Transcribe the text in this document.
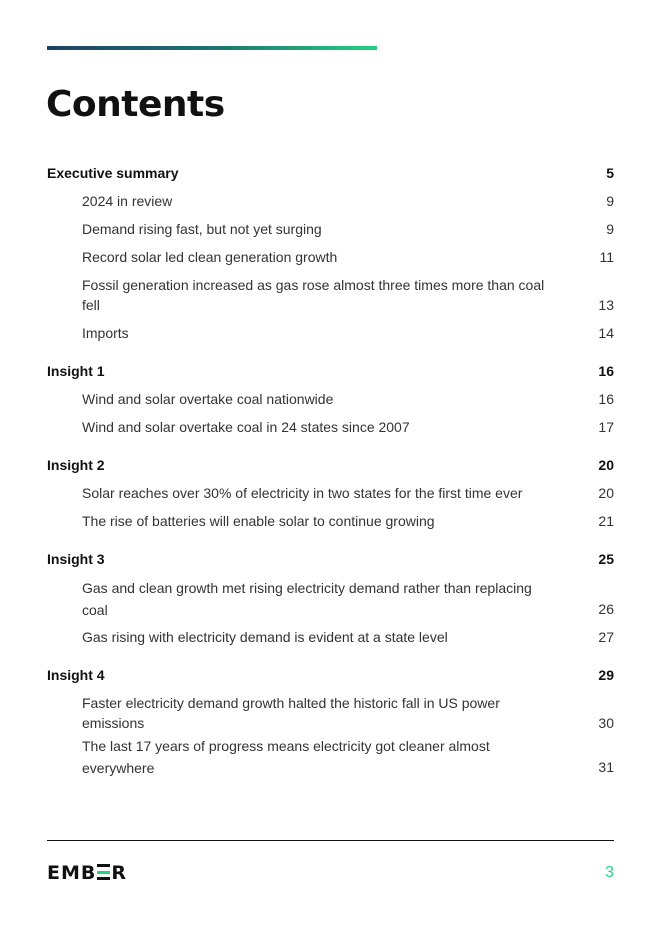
Contents
Executive summary	5
2024 in review	9
Demand rising fast, but not yet surging	9
Record solar led clean generation growth	11
Fossil generation increased as gas rose almost three times more than coal fell	13
Imports	14
Insight 1	16
Wind and solar overtake coal nationwide	16
Wind and solar overtake coal in 24 states since 2007	17
Insight 2	20
Solar reaches over 30% of electricity in two states for the first time ever	20
The rise of batteries will enable solar to continue growing	21
Insight 3	25
Gas and clean growth met rising electricity demand rather than replacing coal	26
Gas rising with electricity demand is evident at a state level	27
Insight 4	29
Faster electricity demand growth halted the historic fall in US power emissions	30
The last 17 years of progress means electricity got cleaner almost everywhere	31
EMB R	3
